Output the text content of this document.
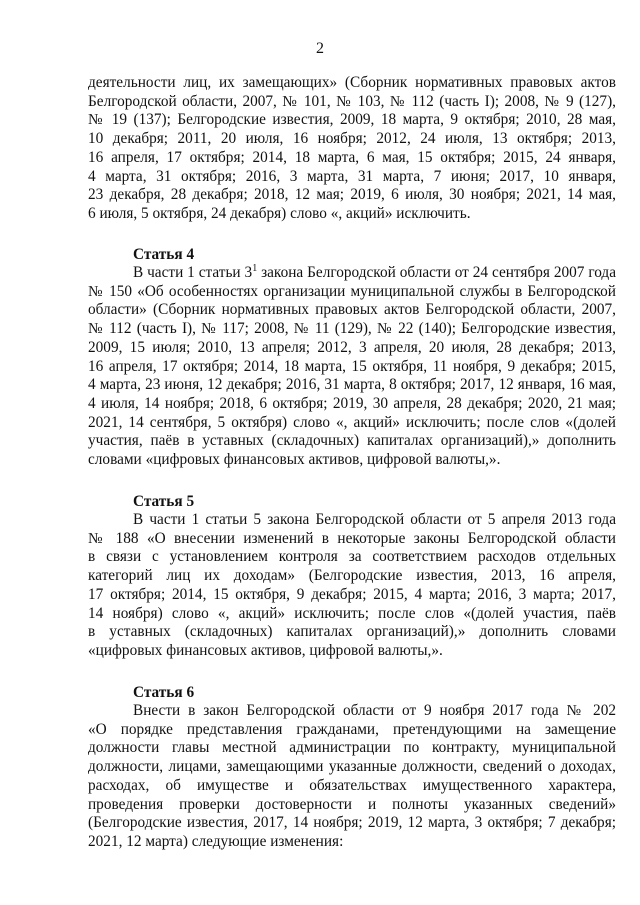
2
деятельности лиц, их замещающих» (Сборник нормативных правовых актов
Белгородской области, 2007, № 101, № 103, № 112 (часть I); 2008, № 9 (127),
№ 19 (137); Белгородские известия, 2009, 18 марта, 9 октября; 2010, 28 мая,
10 декабря; 2011, 20 июля, 16 ноября; 2012, 24 июля, 13 октября; 2013,
16 апреля, 17 октября; 2014, 18 марта, 6 мая, 15 октября; 2015, 24 января,
4 марта, 31 октября; 2016, 3 марта, 31 марта, 7 июня; 2017, 10 января,
23 декабря, 28 декабря; 2018, 12 мая; 2019, 6 июля, 30 ноября; 2021, 14 мая,
6 июля, 5 октября, 24 декабря) слово «, акций» исключить.
Статья 4
В части 1 статьи $3^1$ закона Белгородской области от 24 сентября 2007 года
№ 150 «Об особенностях организации муниципальной службы в Белгородской
области» (Сборник нормативных правовых актов Белгородской области, 2007,
№ 112 (часть I), № 117; 2008, № 11 (129), № 22 (140); Белгородские известия,
2009, 15 июля; 2010, 13 апреля; 2012, 3 апреля, 20 июля, 28 декабря; 2013,
16 апреля, 17 октября; 2014, 18 марта, 15 октября, 11 ноября, 9 декабря; 2015,
4 марта, 23 июня, 12 декабря; 2016, 31 марта, 8 октября; 2017, 12 января, 16 мая,
4 июля, 14 ноября; 2018, 6 октября; 2019, 30 апреля, 28 декабря; 2020, 21 мая;
2021, 14 сентября, 5 октября) слово «, акций» исключить; после слов «(долей
участия, паёв в уставных (складочных) капиталах организаций),» дополнить
словами «цифровых финансовых активов, цифровой валюты,».
Статья 5
В части 1 статьи 5 закона Белгородской области от 5 апреля 2013 года
№ 188 «О внесении изменений в некоторые законы Белгородской области
в связи с установлением контроля за соответствием расходов отдельных
категорий лиц их доходам» (Белгородские известия, 2013, 16 апреля,
17 октября; 2014, 15 октября, 9 декабря; 2015, 4 марта; 2016, 3 марта; 2017,
14 ноября) слово «, акций» исключить; после слов «(долей участия, паёв
в уставных (складочных) капиталах организаций),» дополнить словами
«цифровых финансовых активов, цифровой валюты,».
Статья 6
Внести в закон Белгородской области от 9 ноября 2017 года № 202
«О порядке представления гражданами, претендующими на замещение
должности главы местной администрации по контракту, муниципальной
должности, лицами, замещающими указанные должности, сведений о доходах,
расходах, об имуществе и обязательствах имущественного характера,
проведения проверки достоверности и полноты указанных сведений»
(Белгородские известия, 2017, 14 ноября; 2019, 12 марта, 3 октября; 7 декабря;
2021, 12 марта) следующие изменения:
